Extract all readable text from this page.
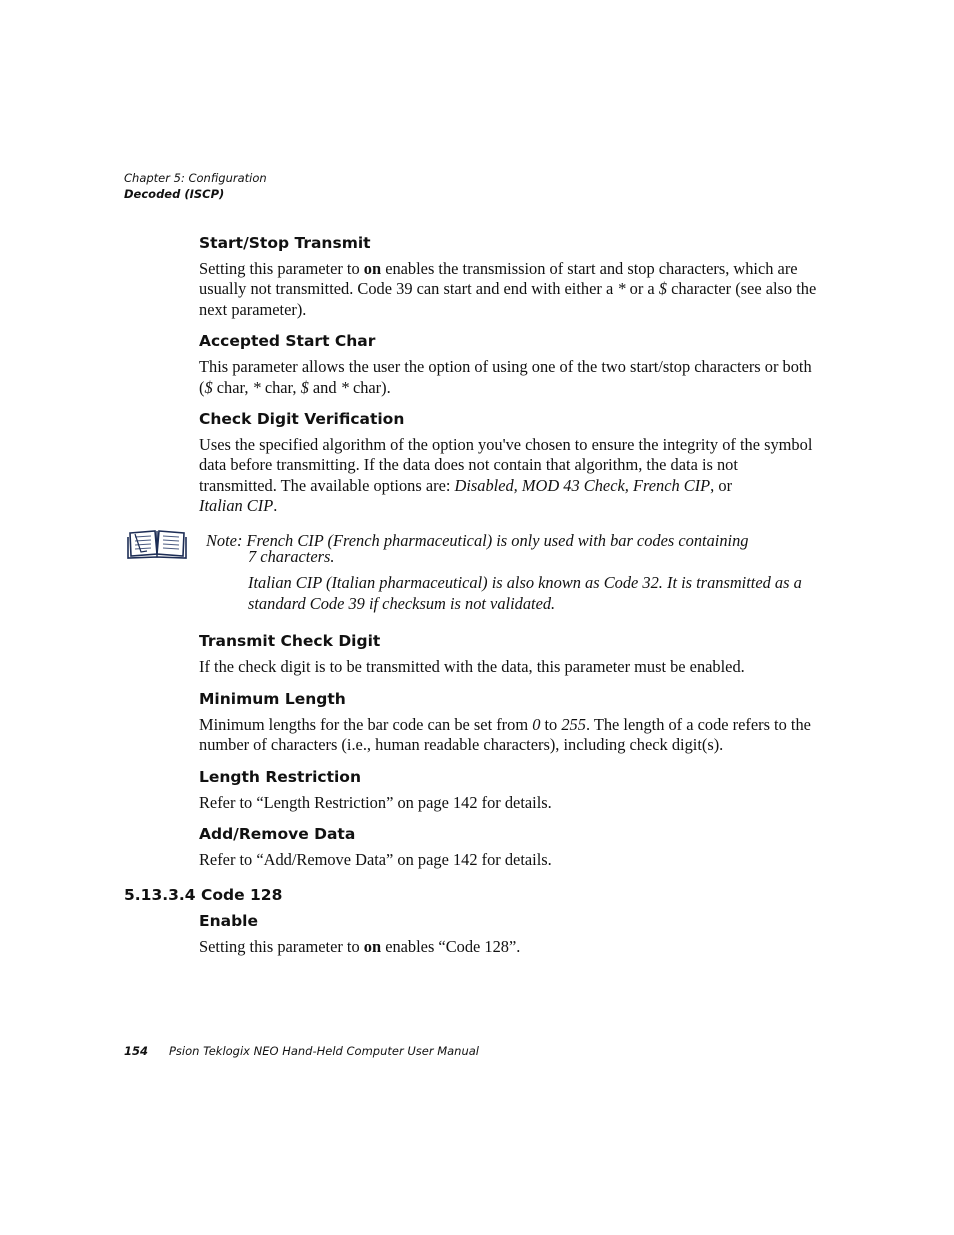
Chapter 5: Configuration
Decoded (ISCP)
Start/Stop Transmit

Setting this parameter to on enables the transmission of start and stop characters, which are usually not transmitted. Code 39 can start and end with either a * or a $ character (see also the next parameter).

Accepted Start Char

This parameter allows the user the option of using one of the two start/stop characters or both ($ char, * char, $ and * char).

Check Digit Verification

Uses the specified algorithm of the option you've chosen to ensure the integrity of the symbol data before transmitting. If the data does not contain that algorithm, the data is not transmitted. The available options are: Disabled, MOD 43 Check, French CIP, or
Italian CIP.

Note: French CIP (French pharmaceutical) is only used with bar codes containing
7 characters.
Italian CIP (Italian pharmaceutical) is also known as Code 32. It is transmitted as a standard Code 39 if checksum is not validated.
Transmit Check Digit

If the check digit is to be transmitted with the data, this parameter must be enabled.

Minimum Length

Minimum lengths for the bar code can be set from 0 to 255. The length of a code refers to the number of characters (i.e., human readable characters), including check digit(s).

Length Restriction

Refer to “Length Restriction” on page 142 for details.

Add/Remove Data

Refer to “Add/Remove Data” on page 142 for details.

5.13.3.4 Code 128
Enable

Setting this parameter to on enables “Code 128”.

154 Psion Teklogix NEO Hand-Held Computer User Manual
